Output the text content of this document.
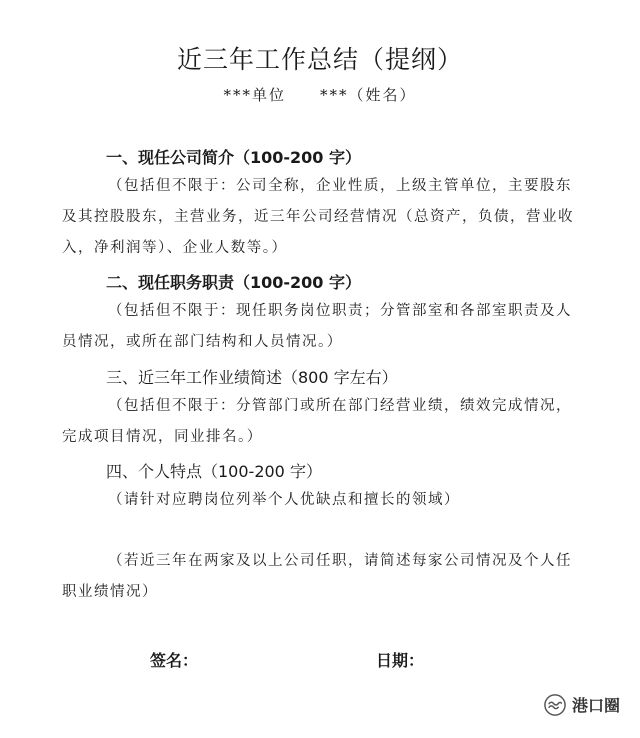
近三年工作总结（提纲）
***单位 ***（姓名）
一、现任公司简介（100-200 字）
（包括但不限于：公司全称，企业性质，上级主管单位，主要股东及其控股股东，主营业务，近三年公司经营情况（总资产，负债，营业收入，净利润等）、企业人数等。）
二、现任职务职责（100-200 字）
（包括但不限于：现任职务岗位职责；分管部室和各部室职责及人员情况，或所在部门结构和人员情况。）
三、近三年工作业绩简述（800 字左右）
（包括但不限于：分管部门或所在部门经营业绩，绩效完成情况，完成项目情况，同业排名。）
四、个人特点（100-200 字）
（请针对应聘岗位列举个人优缺点和擅长的领域）
（若近三年在两家及以上公司任职，请简述每家公司情况及个人任职业绩情况）
签名：	日期：
港口圈
